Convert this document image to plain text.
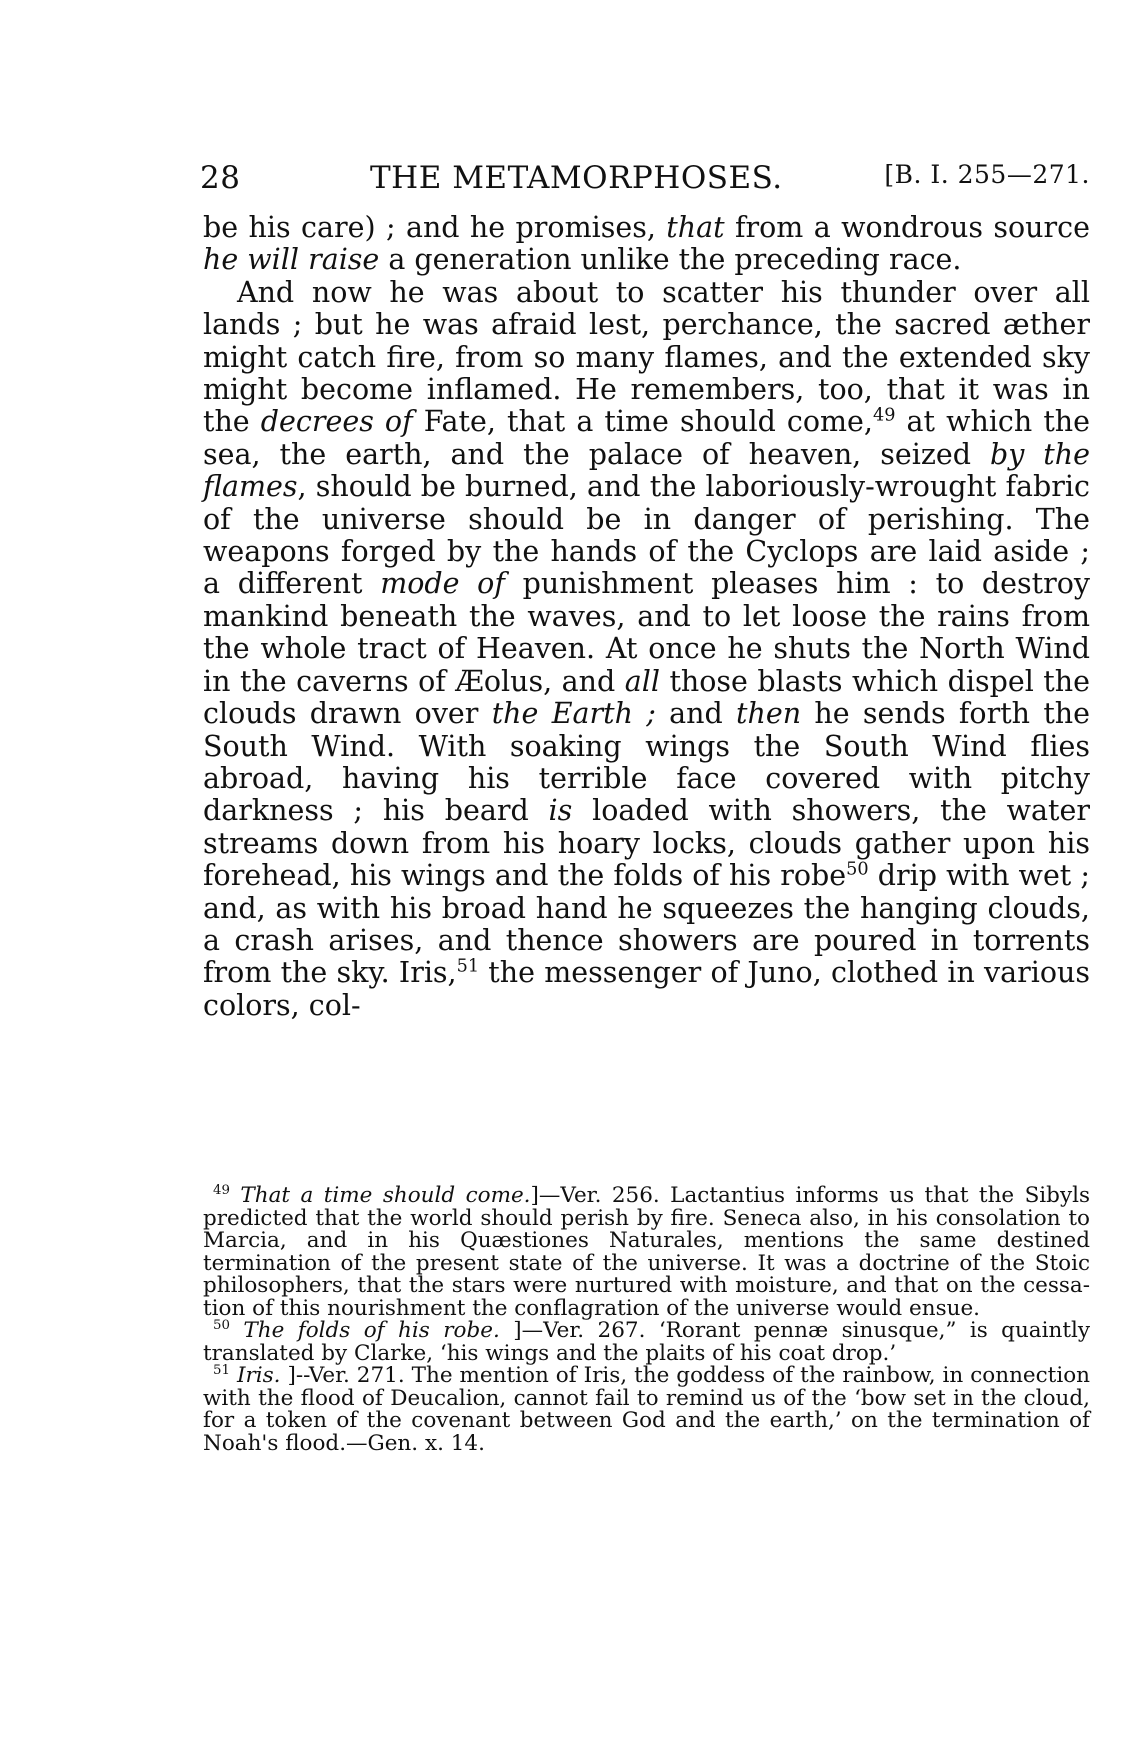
28	THE METAMORPHOSES.	[B. I. 255—271.

be his care) ; and he promises, that from a wondrous source he will raise a generation unlike the preceding race.

And now he was about to scatter his thunder over all lands ; but he was afraid lest, perchance, the sacred æther might catch fire, from so many flames, and the extended sky might become inflamed. He remembers, too, that it was in the decrees of Fate, that a time should come,$^{49}$ at which the sea, the earth, and the palace of heaven, seized by the flames, should be burned, and the laboriously-wrought fabric of the universe should be in danger of perishing. The weapons forged by the hands of the Cyclops are laid aside ; a different mode of punishment pleases him : to destroy mankind beneath the waves, and to let loose the rains from the whole tract of Heaven. At once he shuts the North Wind in the caverns of Æolus, and all those blasts which dispel the clouds drawn over the Earth ; and then he sends forth the South Wind. With soaking wings the South Wind flies abroad, having his terrible face covered with pitchy darkness ; his beard is loaded with showers, the water streams down from his hoary locks, clouds gather upon his forehead, his wings and the folds of his robe$^{50}$ drip with wet ; and, as with his broad hand he squeezes the hanging clouds, a crash arises, and thence showers are poured in torrents from the sky. Iris,$^{51}$ the messenger of Juno, clothed in various colors, col-

$^{49}$ That a time should come.]—Ver. 256. Lactantius informs us that the Sibyls predicted that the world should perish by fire. Seneca also, in his consolation to Marcia, and in his Quæstiones Naturales, mentions the same destined termination of the present state of the universe. It was a doctrine of the Stoic philosophers, that the stars were nurtured with moisture, and that on the cessation of this nourishment the conflagration of the universe would ensue.

$^{50}$ The folds of his robe. ]—Ver. 267. ‘Rorant pennæ sinusque,” is quaintly translated by Clarke, ‘his wings and the plaits of his coat drop.’

$^{51}$ Iris. ]--Ver. 271. The mention of Iris, the goddess of the rainbow, in connection with the flood of Deucalion, cannot fail to remind us of the ‘bow set in the cloud, for a token of the covenant between God and the earth,’ on the termination of Noah's flood.—Gen. x. 14.
